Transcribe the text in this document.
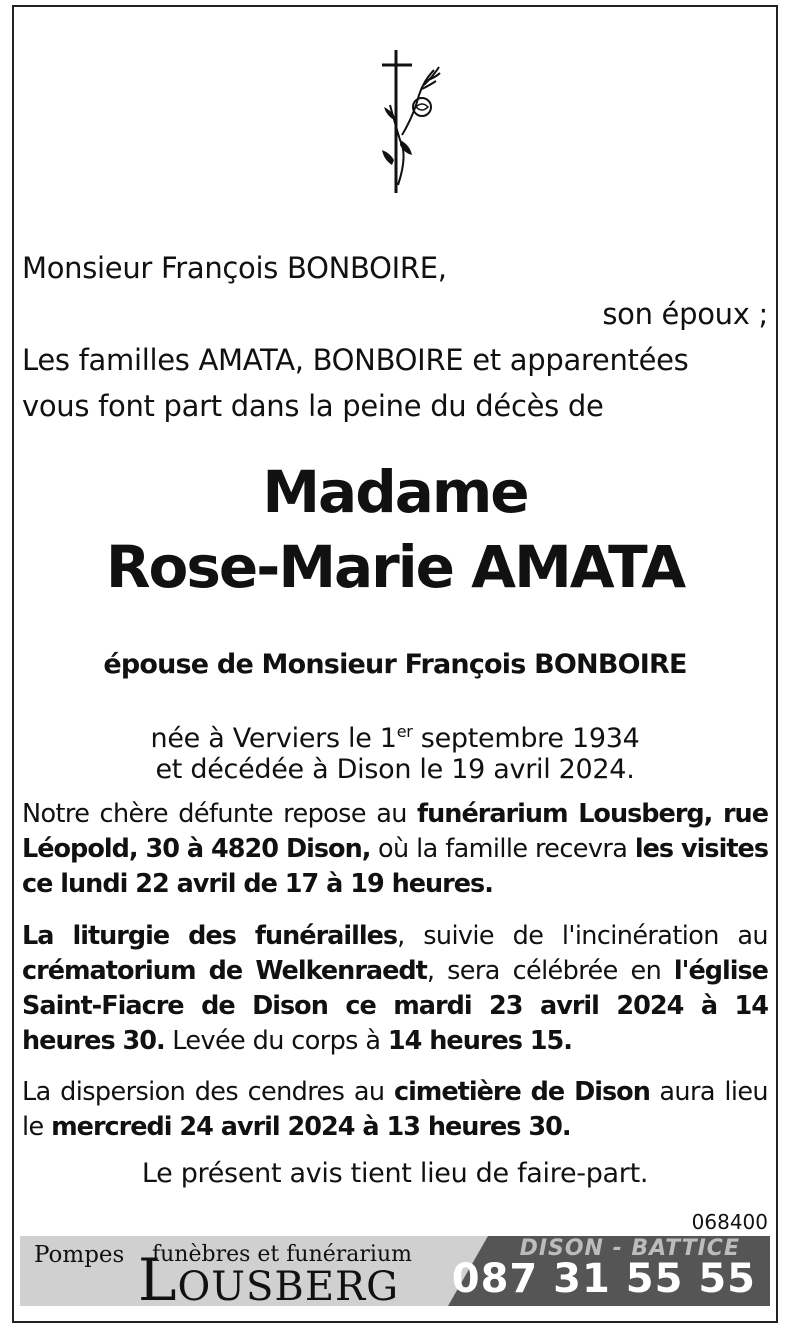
Monsieur François BONBOIRE,
son époux ;
Les familles AMATA, BONBOIRE et apparentées
vous font part dans la peine du décès de
Madame
Rose-Marie AMATA
épouse de Monsieur François BONBOIRE
née à Verviers le 1er septembre 1934
et décédée à Dison le 19 avril 2024.
Notre chère défunte repose au funérarium Lousberg, rue Léopold, 30 à 4820 Dison, où la famille recevra les visites ce lundi 22 avril de 17 à 19 heures.
La liturgie des funérailles, suivie de l'incinération au crématorium de Welkenraedt, sera célébrée en l'église Saint-Fiacre de Dison ce mardi 23 avril 2024 à 14 heures 30. Levée du corps à 14 heures 15.
La dispersion des cendres au cimetière de Dison aura lieu le mercredi 24 avril 2024 à 13 heures 30.
Le présent avis tient lieu de faire-part.
068400
Pompes funèbres et funérarium
LOUSBERG
DISON - BATTICE
087 31 55 55
